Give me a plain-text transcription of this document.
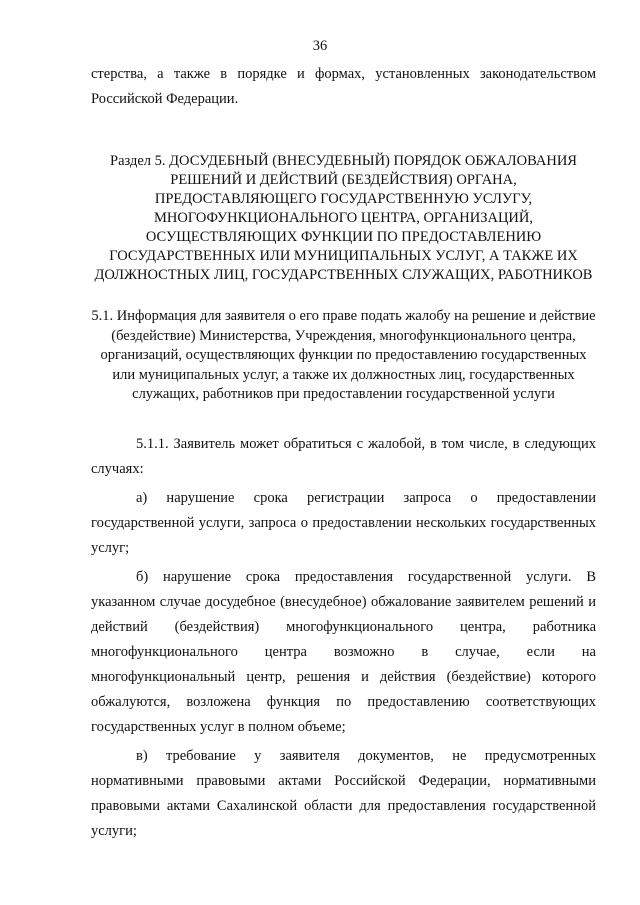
36

стерства, а также в порядке и формах, установленных законодательством Российской Федерации.

Раздел 5. ДОСУДЕБНЫЙ (ВНЕСУДЕБНЫЙ) ПОРЯДОК ОБЖАЛОВАНИЯ РЕШЕНИЙ И ДЕЙСТВИЙ (БЕЗДЕЙСТВИЯ) ОРГАНА, ПРЕДОСТАВЛЯЮЩЕГО ГОСУДАРСТВЕННУЮ УСЛУГУ, МНОГОФУНКЦИОНАЛЬНОГО ЦЕНТРА, ОРГАНИЗАЦИЙ, ОСУЩЕСТВЛЯЮЩИХ ФУНКЦИИ ПО ПРЕДОСТАВЛЕНИЮ ГОСУДАРСТВЕННЫХ ИЛИ МУНИЦИПАЛЬНЫХ УСЛУГ, А ТАКЖЕ ИХ ДОЛЖНОСТНЫХ ЛИЦ, ГОСУДАРСТВЕННЫХ СЛУЖАЩИХ, РАБОТНИКОВ

5.1. Информация для заявителя о его праве подать жалобу на решение и действие (бездействие) Министерства, Учреждения, многофункционального центра, организаций, осуществляющих функции по предоставлению государственных или муниципальных услуг, а также их должностных лиц, государственных служащих, работников при предоставлении государственной услуги

5.1.1. Заявитель может обратиться с жалобой, в том числе, в следующих случаях:

а) нарушение срока регистрации запроса о предоставлении государственной услуги, запроса о предоставлении нескольких государственных услуг;

б) нарушение срока предоставления государственной услуги. В указанном случае досудебное (внесудебное) обжалование заявителем решений и действий (бездействия) многофункционального центра, работника многофункционального центра возможно в случае, если на многофункциональный центр, решения и действия (бездействие) которого обжалуются, возложена функция по предоставлению соответствующих государственных услуг в полном объеме;

в) требование у заявителя документов, не предусмотренных нормативными правовыми актами Российской Федерации, нормативными правовыми актами Сахалинской области для предоставления государственной услуги;
